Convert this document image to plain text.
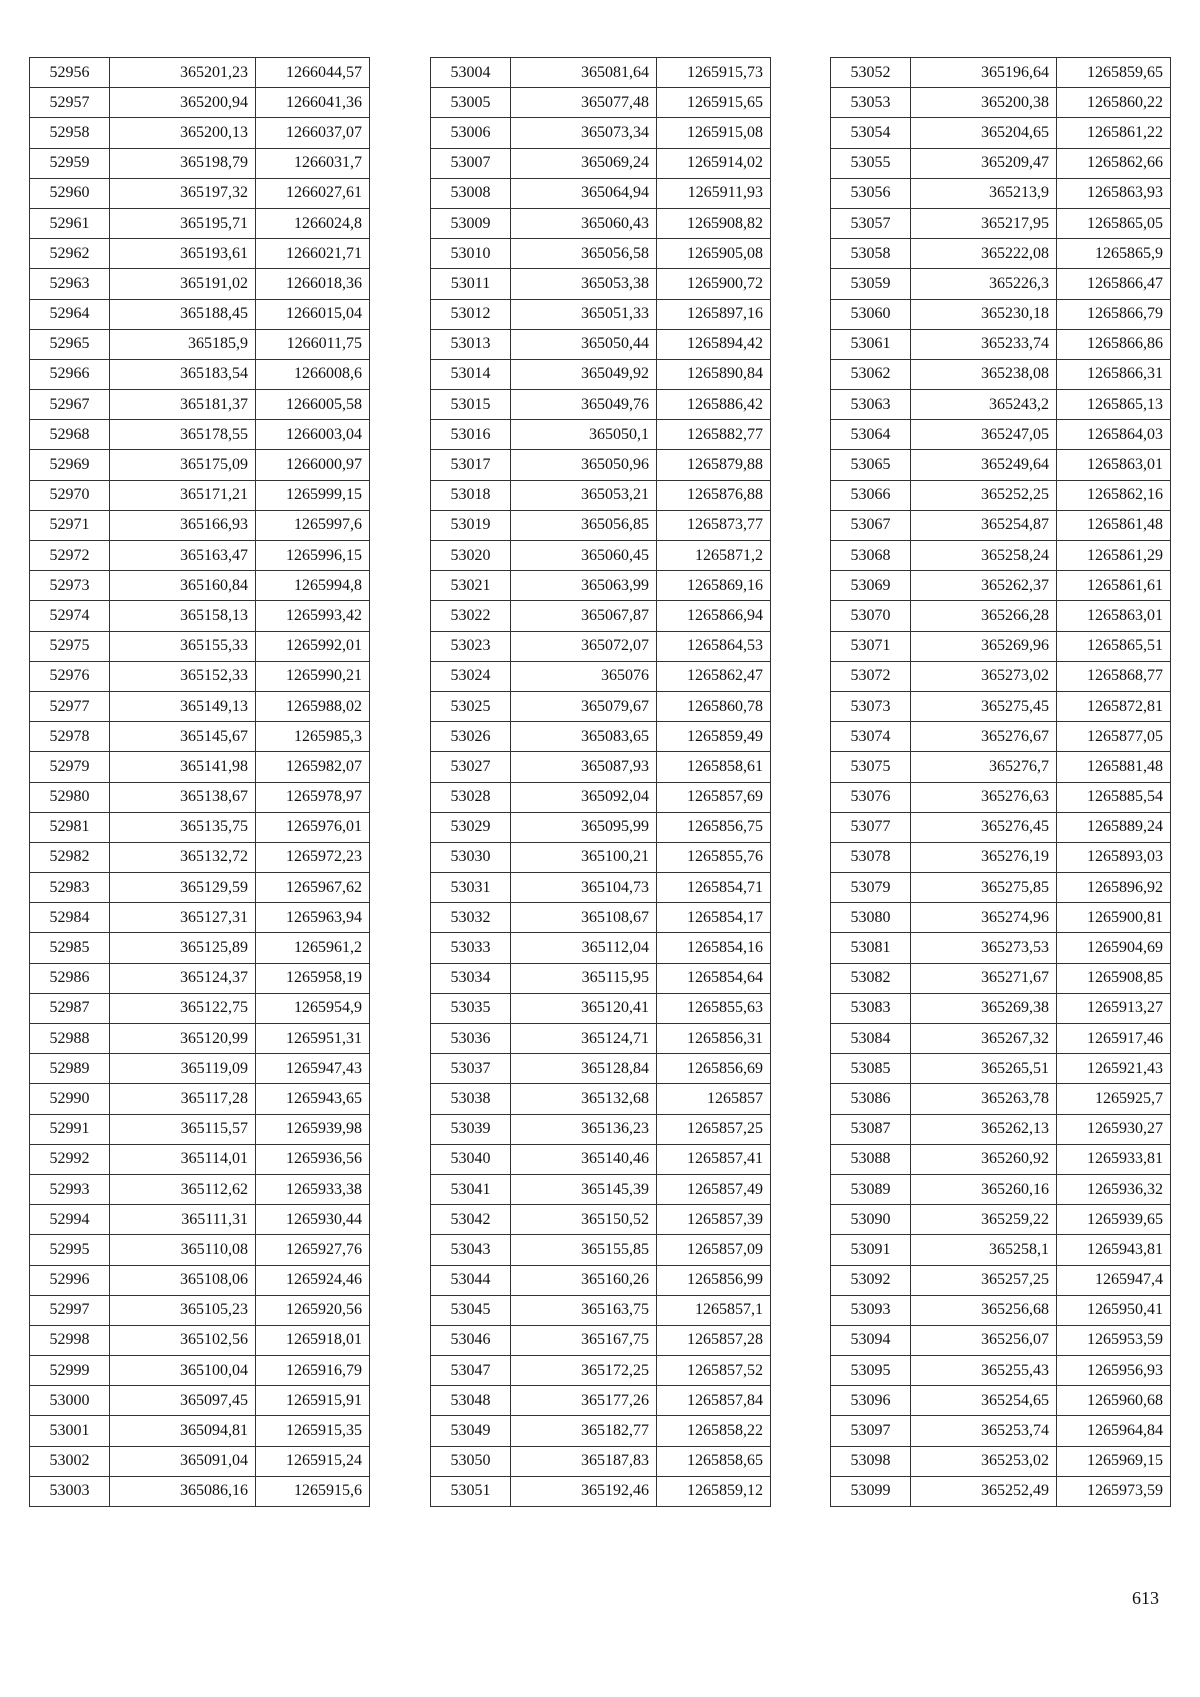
52956	365201,23	1266044,57
52957	365200,94	1266041,36
52958	365200,13	1266037,07
52959	365198,79	1266031,7
52960	365197,32	1266027,61
52961	365195,71	1266024,8
52962	365193,61	1266021,71
52963	365191,02	1266018,36
52964	365188,45	1266015,04
52965	365185,9	1266011,75
52966	365183,54	1266008,6
52967	365181,37	1266005,58
52968	365178,55	1266003,04
52969	365175,09	1266000,97
52970	365171,21	1265999,15
52971	365166,93	1265997,6
52972	365163,47	1265996,15
52973	365160,84	1265994,8
52974	365158,13	1265993,42
52975	365155,33	1265992,01
52976	365152,33	1265990,21
52977	365149,13	1265988,02
52978	365145,67	1265985,3
52979	365141,98	1265982,07
52980	365138,67	1265978,97
52981	365135,75	1265976,01
52982	365132,72	1265972,23
52983	365129,59	1265967,62
52984	365127,31	1265963,94
52985	365125,89	1265961,2
52986	365124,37	1265958,19
52987	365122,75	1265954,9
52988	365120,99	1265951,31
52989	365119,09	1265947,43
52990	365117,28	1265943,65
52991	365115,57	1265939,98
52992	365114,01	1265936,56
52993	365112,62	1265933,38
52994	365111,31	1265930,44
52995	365110,08	1265927,76
52996	365108,06	1265924,46
52997	365105,23	1265920,56
52998	365102,56	1265918,01
52999	365100,04	1265916,79
53000	365097,45	1265915,91
53001	365094,81	1265915,35
53002	365091,04	1265915,24
53003	365086,16	1265915,6
53004	365081,64	1265915,73
53005	365077,48	1265915,65
53006	365073,34	1265915,08
53007	365069,24	1265914,02
53008	365064,94	1265911,93
53009	365060,43	1265908,82
53010	365056,58	1265905,08
53011	365053,38	1265900,72
53012	365051,33	1265897,16
53013	365050,44	1265894,42
53014	365049,92	1265890,84
53015	365049,76	1265886,42
53016	365050,1	1265882,77
53017	365050,96	1265879,88
53018	365053,21	1265876,88
53019	365056,85	1265873,77
53020	365060,45	1265871,2
53021	365063,99	1265869,16
53022	365067,87	1265866,94
53023	365072,07	1265864,53
53024	365076	1265862,47
53025	365079,67	1265860,78
53026	365083,65	1265859,49
53027	365087,93	1265858,61
53028	365092,04	1265857,69
53029	365095,99	1265856,75
53030	365100,21	1265855,76
53031	365104,73	1265854,71
53032	365108,67	1265854,17
53033	365112,04	1265854,16
53034	365115,95	1265854,64
53035	365120,41	1265855,63
53036	365124,71	1265856,31
53037	365128,84	1265856,69
53038	365132,68	1265857
53039	365136,23	1265857,25
53040	365140,46	1265857,41
53041	365145,39	1265857,49
53042	365150,52	1265857,39
53043	365155,85	1265857,09
53044	365160,26	1265856,99
53045	365163,75	1265857,1
53046	365167,75	1265857,28
53047	365172,25	1265857,52
53048	365177,26	1265857,84
53049	365182,77	1265858,22
53050	365187,83	1265858,65
53051	365192,46	1265859,12
53052	365196,64	1265859,65
53053	365200,38	1265860,22
53054	365204,65	1265861,22
53055	365209,47	1265862,66
53056	365213,9	1265863,93
53057	365217,95	1265865,05
53058	365222,08	1265865,9
53059	365226,3	1265866,47
53060	365230,18	1265866,79
53061	365233,74	1265866,86
53062	365238,08	1265866,31
53063	365243,2	1265865,13
53064	365247,05	1265864,03
53065	365249,64	1265863,01
53066	365252,25	1265862,16
53067	365254,87	1265861,48
53068	365258,24	1265861,29
53069	365262,37	1265861,61
53070	365266,28	1265863,01
53071	365269,96	1265865,51
53072	365273,02	1265868,77
53073	365275,45	1265872,81
53074	365276,67	1265877,05
53075	365276,7	1265881,48
53076	365276,63	1265885,54
53077	365276,45	1265889,24
53078	365276,19	1265893,03
53079	365275,85	1265896,92
53080	365274,96	1265900,81
53081	365273,53	1265904,69
53082	365271,67	1265908,85
53083	365269,38	1265913,27
53084	365267,32	1265917,46
53085	365265,51	1265921,43
53086	365263,78	1265925,7
53087	365262,13	1265930,27
53088	365260,92	1265933,81
53089	365260,16	1265936,32
53090	365259,22	1265939,65
53091	365258,1	1265943,81
53092	365257,25	1265947,4
53093	365256,68	1265950,41
53094	365256,07	1265953,59
53095	365255,43	1265956,93
53096	365254,65	1265960,68
53097	365253,74	1265964,84
53098	365253,02	1265969,15
53099	365252,49	1265973,59
613
